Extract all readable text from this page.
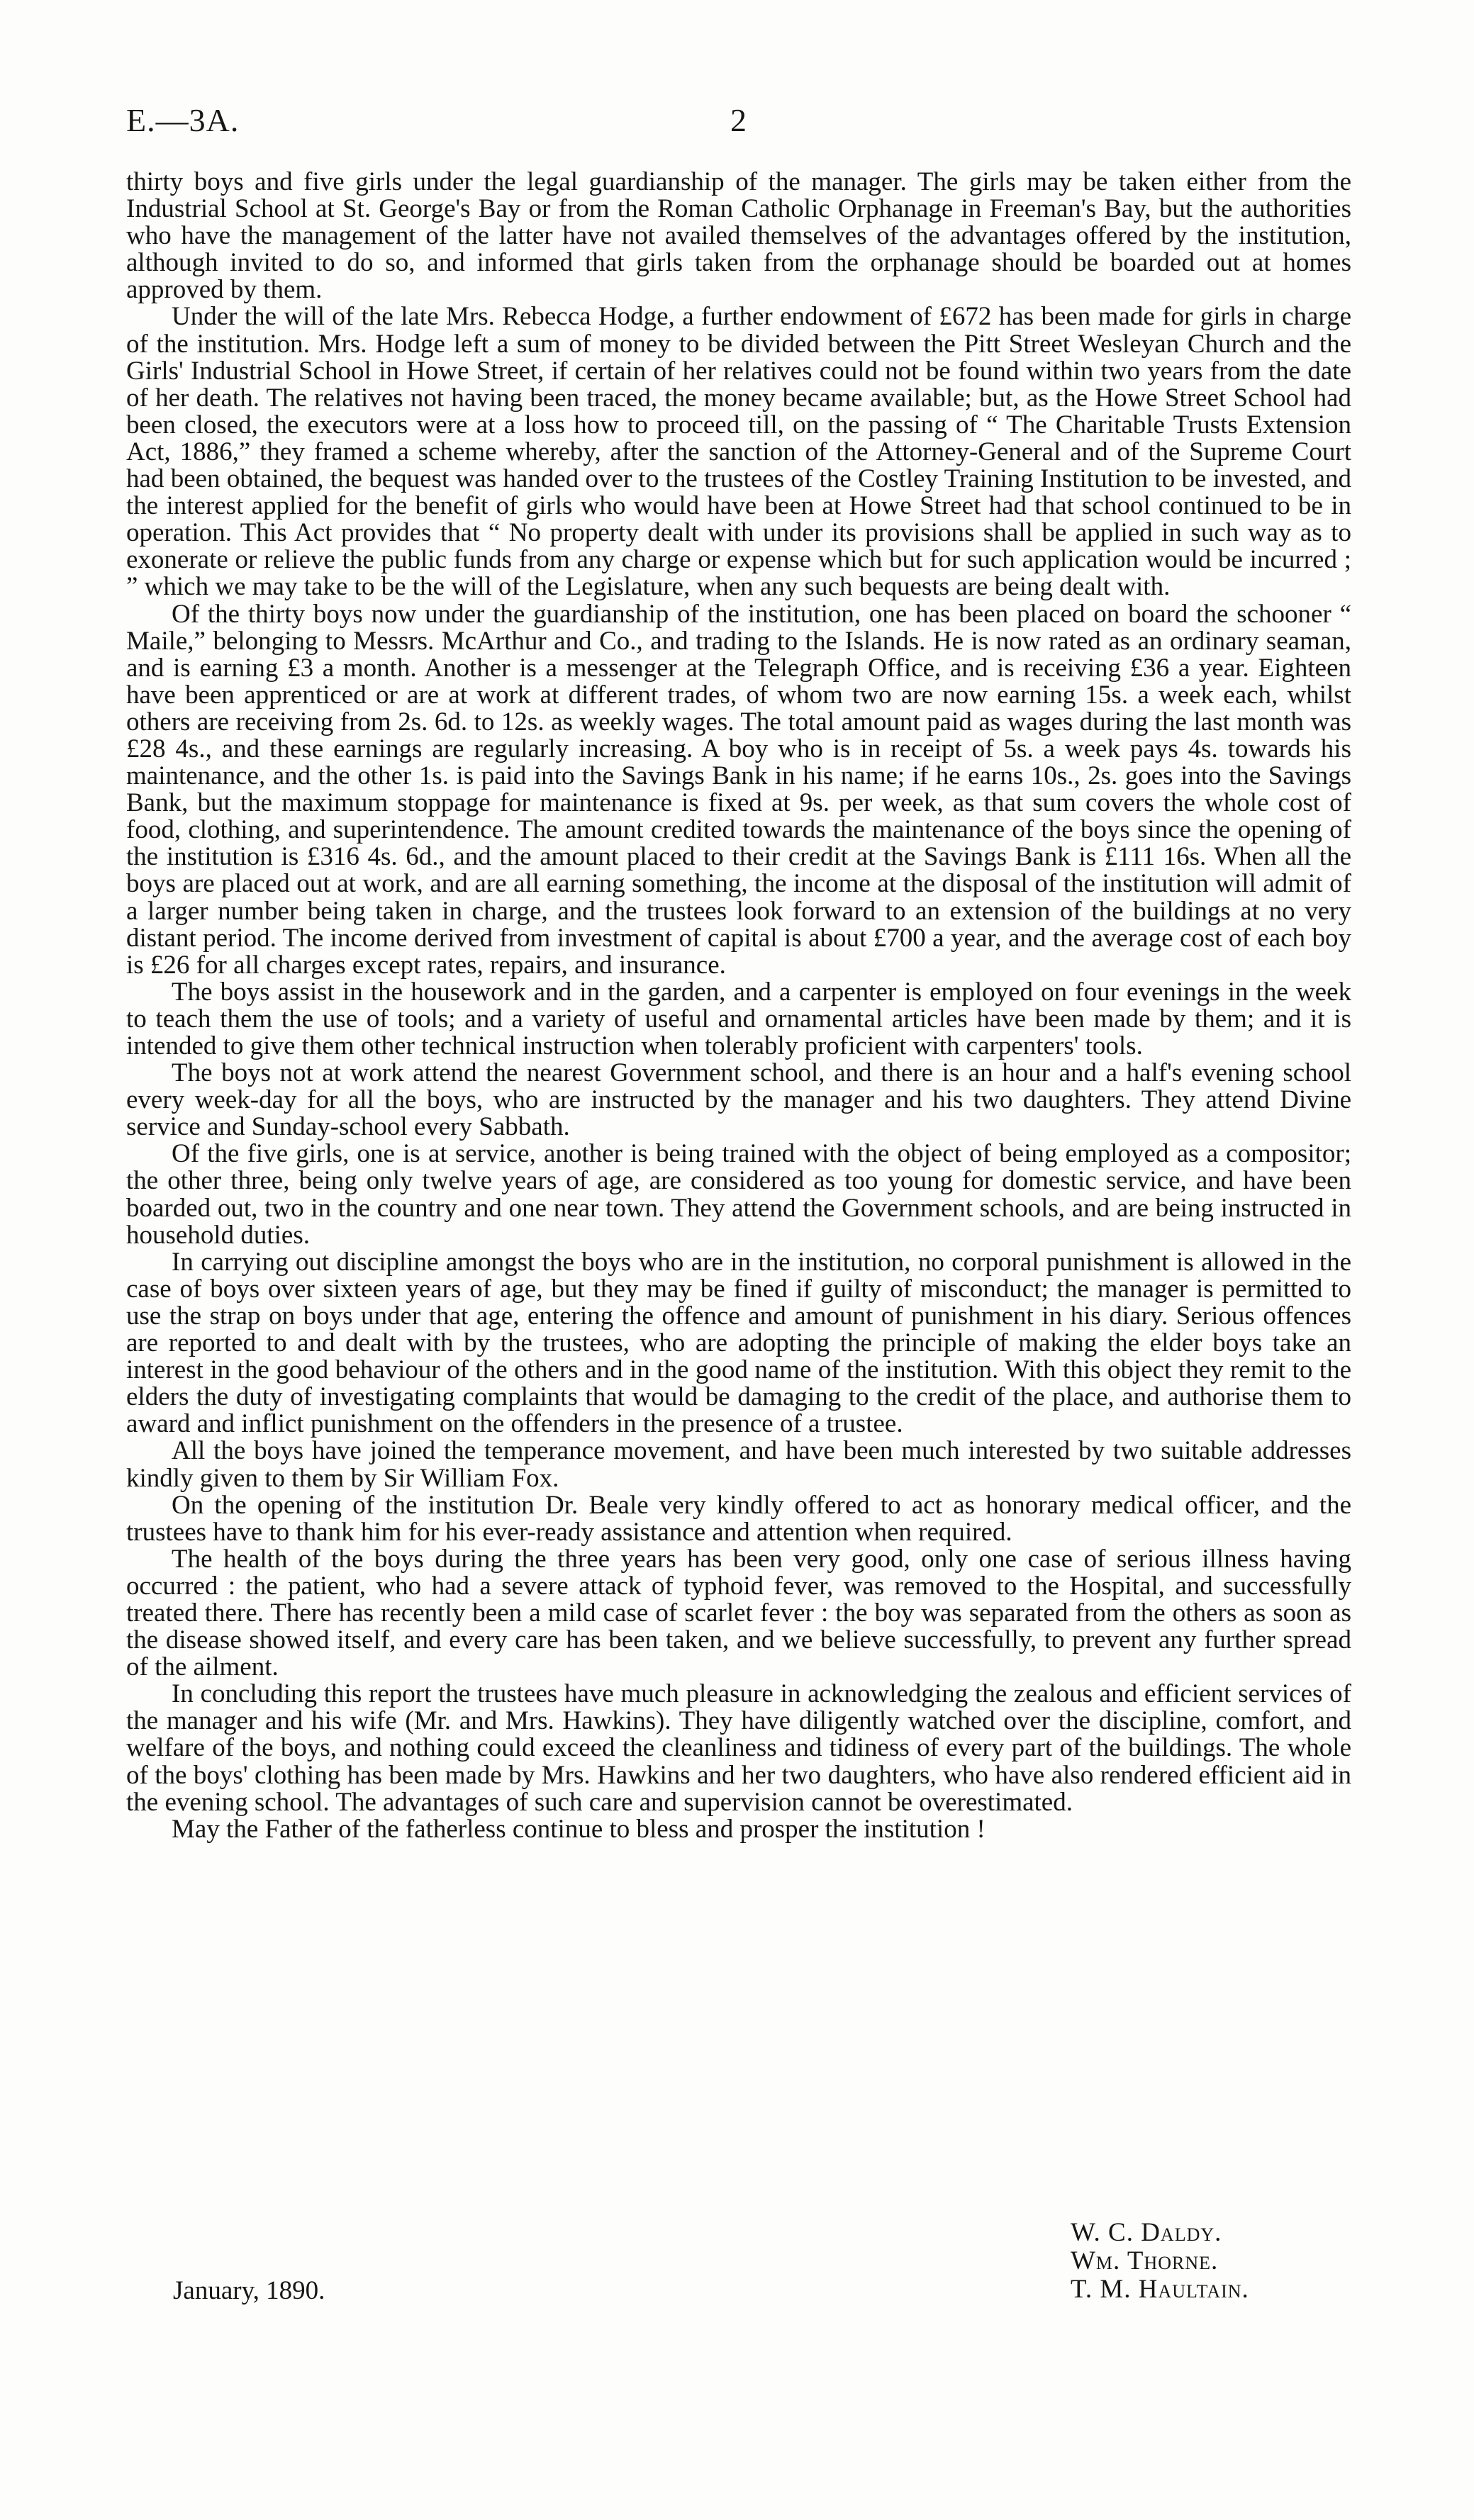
E.—3A.	2

thirty boys and five girls under the legal guardianship of the manager. The girls may be taken either from the Industrial School at St. George's Bay or from the Roman Catholic Orphanage in Freeman's Bay, but the authorities who have the management of the latter have not availed themselves of the advantages offered by the institution, although invited to do so, and informed that girls taken from the orphanage should be boarded out at homes approved by them.

Under the will of the late Mrs. Rebecca Hodge, a further endowment of £672 has been made for girls in charge of the institution. Mrs. Hodge left a sum of money to be divided between the Pitt Street Wesleyan Church and the Girls' Industrial School in Howe Street, if certain of her relatives could not be found within two years from the date of her death. The relatives not having been traced, the money became available; but, as the Howe Street School had been closed, the executors were at a loss how to proceed till, on the passing of “ The Charitable Trusts Extension Act, 1886,” they framed a scheme whereby, after the sanction of the Attorney-General and of the Supreme Court had been obtained, the bequest was handed over to the trustees of the Costley Training Institution to be invested, and the interest applied for the benefit of girls who would have been at Howe Street had that school continued to be in operation. This Act provides that “ No property dealt with under its provisions shall be applied in such way as to exonerate or relieve the public funds from any charge or expense which but for such application would be incurred ; ” which we may take to be the will of the Legislature, when any such bequests are being dealt with.

Of the thirty boys now under the guardianship of the institution, one has been placed on board the schooner “ Maile,” belonging to Messrs. McArthur and Co., and trading to the Islands. He is now rated as an ordinary seaman, and is earning £3 a month. Another is a messenger at the Telegraph Office, and is receiving £36 a year. Eighteen have been apprenticed or are at work at different trades, of whom two are now earning 15s. a week each, whilst others are receiving from 2s. 6d. to 12s. as weekly wages. The total amount paid as wages during the last month was £28 4s., and these earnings are regularly increasing. A boy who is in receipt of 5s. a week pays 4s. towards his maintenance, and the other 1s. is paid into the Savings Bank in his name; if he earns 10s., 2s. goes into the Savings Bank, but the maximum stoppage for maintenance is fixed at 9s. per week, as that sum covers the whole cost of food, clothing, and superintendence. The amount credited towards the maintenance of the boys since the opening of the institution is £316 4s. 6d., and the amount placed to their credit at the Savings Bank is £111 16s. When all the boys are placed out at work, and are all earning something, the income at the disposal of the institution will admit of a larger number being taken in charge, and the trustees look forward to an extension of the buildings at no very distant period. The income derived from investment of capital is about £700 a year, and the average cost of each boy is £26 for all charges except rates, repairs, and insurance.

The boys assist in the housework and in the garden, and a carpenter is employed on four evenings in the week to teach them the use of tools; and a variety of useful and ornamental articles have been made by them; and it is intended to give them other technical instruction when tolerably proficient with carpenters' tools.

The boys not at work attend the nearest Government school, and there is an hour and a half's evening school every week-day for all the boys, who are instructed by the manager and his two daughters. They attend Divine service and Sunday-school every Sabbath.

Of the five girls, one is at service, another is being trained with the object of being employed as a compositor; the other three, being only twelve years of age, are considered as too young for domestic service, and have been boarded out, two in the country and one near town. They attend the Government schools, and are being instructed in household duties.

In carrying out discipline amongst the boys who are in the institution, no corporal punishment is allowed in the case of boys over sixteen years of age, but they may be fined if guilty of misconduct; the manager is permitted to use the strap on boys under that age, entering the offence and amount of punishment in his diary. Serious offences are reported to and dealt with by the trustees, who are adopting the principle of making the elder boys take an interest in the good behaviour of the others and in the good name of the institution. With this object they remit to the elders the duty of investigating complaints that would be damaging to the credit of the place, and authorise them to award and inflict punishment on the offenders in the presence of a trustee.

All the boys have joined the temperance movement, and have been much interested by two suitable addresses kindly given to them by Sir William Fox.

On the opening of the institution Dr. Beale very kindly offered to act as honorary medical officer, and the trustees have to thank him for his ever-ready assistance and attention when required.

The health of the boys during the three years has been very good, only one case of serious illness having occurred : the patient, who had a severe attack of typhoid fever, was removed to the Hospital, and successfully treated there. There has recently been a mild case of scarlet fever : the boy was separated from the others as soon as the disease showed itself, and every care has been taken, and we believe successfully, to prevent any further spread of the ailment.

In concluding this report the trustees have much pleasure in acknowledging the zealous and efficient services of the manager and his wife (Mr. and Mrs. Hawkins). They have diligently watched over the discipline, comfort, and welfare of the boys, and nothing could exceed the cleanliness and tidiness of every part of the buildings. The whole of the boys' clothing has been made by Mrs. Hawkins and her two daughters, who have also rendered efficient aid in the evening school. The advantages of such care and supervision cannot be overestimated.

May the Father of the fatherless continue to bless and prosper the institution !

W. C. Daldy.
Wm. Thorne.
T. M. Haultain.
January, 1890.
